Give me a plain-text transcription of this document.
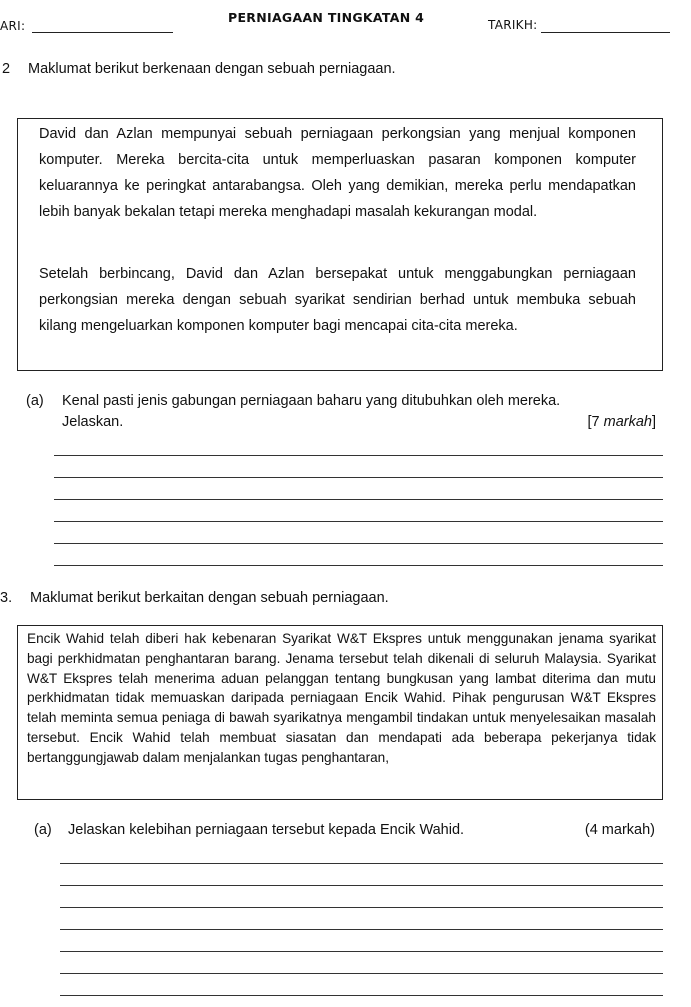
ARI:
PERNIAGAAN TINGKATAN 4	TARIKH:
2 Maklumat berikut berkenaan dengan sebuah perniagaan.
David dan Azlan mempunyai sebuah perniagaan perkongsian yang menjual komponen komputer. Mereka bercita-cita untuk memperluaskan pasaran komponen komputer keluarannya ke peringkat antarabangsa. Oleh yang demikian, mereka perlu mendapatkan lebih banyak bekalan tetapi mereka menghadapi masalah kekurangan modal.
Setelah berbincang, David dan Azlan bersepakat untuk menggabungkan perniagaan perkongsian mereka dengan sebuah syarikat sendirian berhad untuk membuka sebuah kilang mengeluarkan komponen komputer bagi mencapai cita-cita mereka.
(a) Kenal pasti jenis gabungan perniagaan baharu yang ditubuhkan oleh mereka.
Jelaskan.	[7 markah]
3. Maklumat berikut berkaitan dengan sebuah perniagaan.
Encik Wahid telah diberi hak kebenaran Syarikat W&T Ekspres untuk menggunakan jenama syarikat bagi perkhidmatan penghantaran barang. Jenama tersebut telah dikenali di seluruh Malaysia. Syarikat W&T Ekspres telah menerima aduan pelanggan tentang bungkusan yang lambat diterima dan mutu perkhidmatan tidak memuaskan daripada perniagaan Encik Wahid. Pihak pengurusan W&T Ekspres telah meminta semua peniaga di bawah syarikatnya mengambil tindakan untuk menyelesaikan masalah tersebut. Encik Wahid telah membuat siasatan dan mendapati ada beberapa pekerjanya tidak bertanggungjawab dalam menjalankan tugas penghantaran,
(a) Jelaskan kelebihan perniagaan tersebut kepada Encik Wahid.	(4 markah)
